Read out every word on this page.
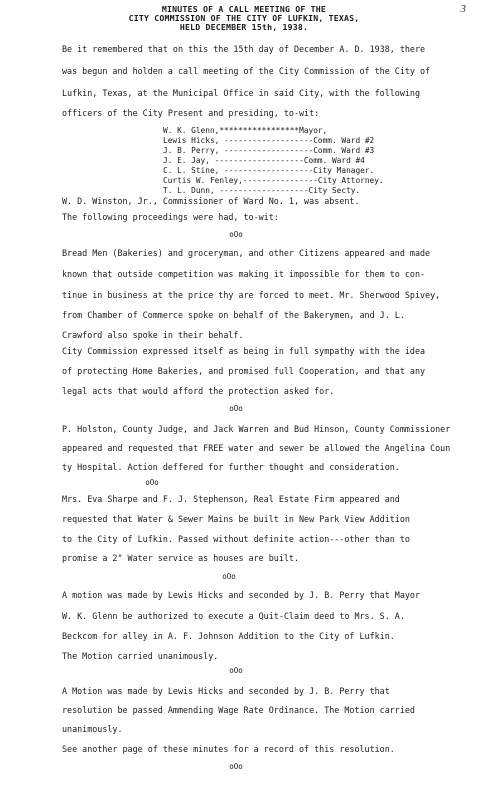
3
MINUTES OF A CALL MEETING OF THE
CITY COMMISSION OF THE CITY OF LUFKIN, TEXAS,
HELD DECEMBER 15th, 1938.
Be it remembered that on this the 15th day of December A. D. 1938, there
was begun and holden a call meeting of the City Commission of the City of
Lufkin, Texas, at the Municipal Office in said City, with the following
officers of the City Present and presiding, to-wit:
W. K. Glenn,*****************Mayor,
Lewis Hicks, -------------------Comm. Ward #2
J. B. Perry, -------------------Comm. Ward #3
J. E. Jay, -------------------Comm. Ward #4
C. L. Stine, -------------------City Manager.
Curtis W. Fenley,----------------City Attorney.
T. L. Dunn, -------------------City Secty.
W. D. Winston, Jr., Commissioner of Ward No. 1, was absent.
The following proceedings were had, to-wit:
oOo
Bread Men (Bakeries) and groceryman, and other Citizens appeared and made
known that outside competition was making it impossible for them to con-
tinue in business at the price thy are forced to meet. Mr. Sherwood Spivey,
from Chamber of Commerce spoke on behalf of the Bakerymen, and J. L.
Crawford also spoke in their behalf.
City Commission expressed itself as being in full sympathy with the idea
of protecting Home Bakeries, and promised full Cooperation, and that any
legal acts that would afford the protection asked for.
oOo
P. Holston, County Judge, and Jack Warren and Bud Hinson, County Commissioner
appeared and requested that FREE water and sewer be allowed the Angelina Coun
ty Hospital. Action deffered for further thought and consideration.
oOo
Mrs. Eva Sharpe and F. J. Stephenson, Real Estate Firm appeared and
requested that Water & Sewer Mains be built in New Park View Addition
to the City of Lufkin. Passed without definite action---other than to
promise a 2" Water service as houses are built.
oOo
A motion was made by Lewis Hicks and seconded by J. B. Perry that Mayor
W. K. Glenn be authorized to execute a Quit-Claim deed to Mrs. S. A.
Beckcom for alley in A. F. Johnson Addition to the City of Lufkin.
The Motion carried unanimously.
oOo
A Motion was made by Lewis Hicks and seconded by J. B. Perry that
resolution be passed Ammending Wage Rate Ordinance. The Motion carried
unanimously.
See another page of these minutes for a record of this resolution.
oOo
